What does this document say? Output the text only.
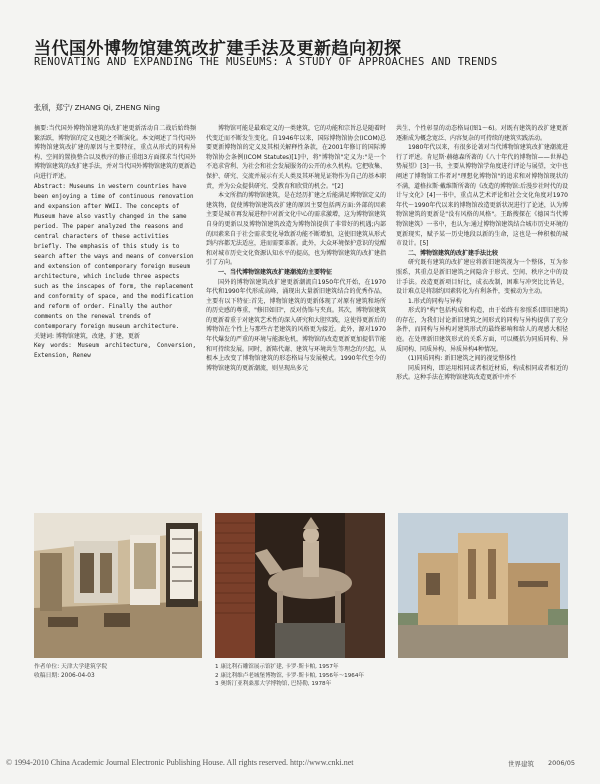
当代国外博物馆建筑改扩建手法及更新趋向初探
RENOVATING AND EXPANDING THE MUSEUMS: A STUDY OF APPROACHES AND TRENDS
张颀，郑宁/ ZHANG Qi, ZHENG Ning

摘要:当代国外博物馆建筑的改扩建更新活动自二战后始终频繁活跃，博物馆的定义也随之不断演化。本文阐述了当代国外博物馆建筑改扩建的原因与主要特征，重点从形式的同构异构、空间的置换整合以及秩序的修正重组3方面探求当代国外博物馆建筑的改扩建手法，并对当代国外博物馆建筑的更新趋向进行评述。

Abstract: Museums in western countries have been enjoying a time of continuous renovation and expansion after WWII. The concepts of Museum have also vastly changed in the same period. The paper analyzed the reasons and central characters of these activities briefly. The emphasis of this study is to search after the ways and means of conversion and extension of contemporary foreign museum architecture, which include three aspects such as the inscapes of form, the replacement and conformity of space, and the modification and reform of order. Finally the author comments on the renewal trends of contemporary foreign museum architecture.

关键词: 博物馆建筑，改建，扩建，更新

Key words: Museum architecture, Conversion, Extension, Renew

博物馆可能是最难定义的一类建筑，它的功能和宗旨总是随着时代变迁而不断发生变化。自1946年以来，国际博物馆协会(ICOM)总要更新博物馆的定义及其相关解释性条款，在2001年修订的国际博物馆协会条例(ICOM Statutes)[1]中，将"博物馆"定义为:"是一个不追求营利、为社会和社会发展服务的公开的永久机构。它把收集、保护、研究、交流并展示有关人类及其环境见证物作为自己的基本职责，并为公众提供研究、受教育和欣赏的机会。"[2]

本文所指的博物馆建筑，是在经历扩建之后能满足博物馆定义的建筑物，促使博物馆建筑改扩建的原因主要包括两方面:外部的因素主要是城市再发展进程中对新文化中心的需求激增，这为博物馆建筑自身的更新以及博物馆建筑改造为博物馆提供了非常好的机遇;内部的因素来自于社会需求变化导致新功能不断增加，这使旧建筑从形式到内容都无法适应，进而需要革新。此外，大众环境保护意识的觉醒和对城市历史文化资源认知水平的提高，也为博物馆建筑的改扩建指引了方向。

一、当代博物馆建筑改扩建潮流的主要特征

国外的博物馆建筑改扩建更新潮流自1950年代开始，在1970年代和1990年代形成高峰，涌现出大量新旧建筑结合的优秀作品，主要有以下特征:首先，博物馆建筑的更新体现了对原有建筑和场所的历史感的尊重，"修旧如旧"，反对伪饰与夹真。其次，博物馆建筑的更新着重于对建筑艺术性的深入研究和大胆实践，这使得更新后的博物馆在个性上与那些古老建筑的风格更为接近。此外，源对1970年代爆发的严重的环境与能源危机，博物馆的改造更新更加提倡节能和可持续发展。同时，新陈代谢、建筑与环境共生等理念的兴起，从根本上改变了博物馆建筑的形态格局与发展模式。1990年代至今的博物馆建筑的更新潮流，则呈现出多元

共生、个性彰显的动态格局(图1～6)。对既有建筑的改扩建更新逐渐成为概念宽泛、内容复杂的可持续的建筑实践活动。

1980年代以来，有很多论著对当代博物馆建筑改扩建潮流进行了评述。肯尼斯·赫德森所著的《八十年代的博物馆——世界趋势展望》[3]一书，主要从博物馆学角度进行评论与展望，文中也阐述了博物馆工作者对"理想化博物馆"的追求和对博物馆现状的不满，道格拉斯·戴维斯所著的《改造的博物馆:后漫步社时代的设计与文化》[4]一书中，重点从艺术评论和社会文化角度对1970年代～1990年代以来的博物馆改造更新状况进行了论述，认为博物馆建筑的更新是"没有风格的风格"。王路搜探在《德国当代博物馆建筑》一书中，也认为:通过博物馆建筑结合城市历史环境的更新现实，赋予某一历史地段以新的生命，这也是一种积极的城市设计。[5]

二、博物馆建筑的改扩建手法比较

研究既有建筑的改扩建应将新旧建筑视为一个整体，互为参照系，其重点是新旧建筑之间隐含于形式、空间、秩序之中的设计手法。改造更新项目好比，成衣改制，困难与冲突比比皆是，设计难点是将制约因素转化为有利条件，变被动为主动。

1.形式的同构与异构

形式的"构"包括构成和构造，由于始终有参照系(即旧建筑)的存在，为我们讨论新旧建筑之间形式的同构与异构提供了充分条件，而同构与异构对建筑形式的最终影响和给人的观感大相径庭。在处理新旧建筑形式的关系方面，可以概括为同质同构、异质同构、同质异构、异质异构4种情况。

(1)同质同构: 新旧建筑之间的视觉整体性

同质同构，即运用相同或者相近材质，构成相同或者相近的形式。这种手法在博物馆建筑改造更新中并不

作者单位: 天津大学建筑学院
收稿日期: 2006-04-03

1 康比利石雕馆展示馆扩建, 卡罗·斯卡帕, 1957年

2 康比利维卢老城堡博物馆, 卡罗·斯卡帕, 1956年～1964年

3 奥斯汀亚利桑那大学博物馆, 巴特勒, 1978年

© 1994-2010 China Academic Journal Electronic Publishing House. All rights reserved. http://www.cnki.net	世界建筑 2006/05
